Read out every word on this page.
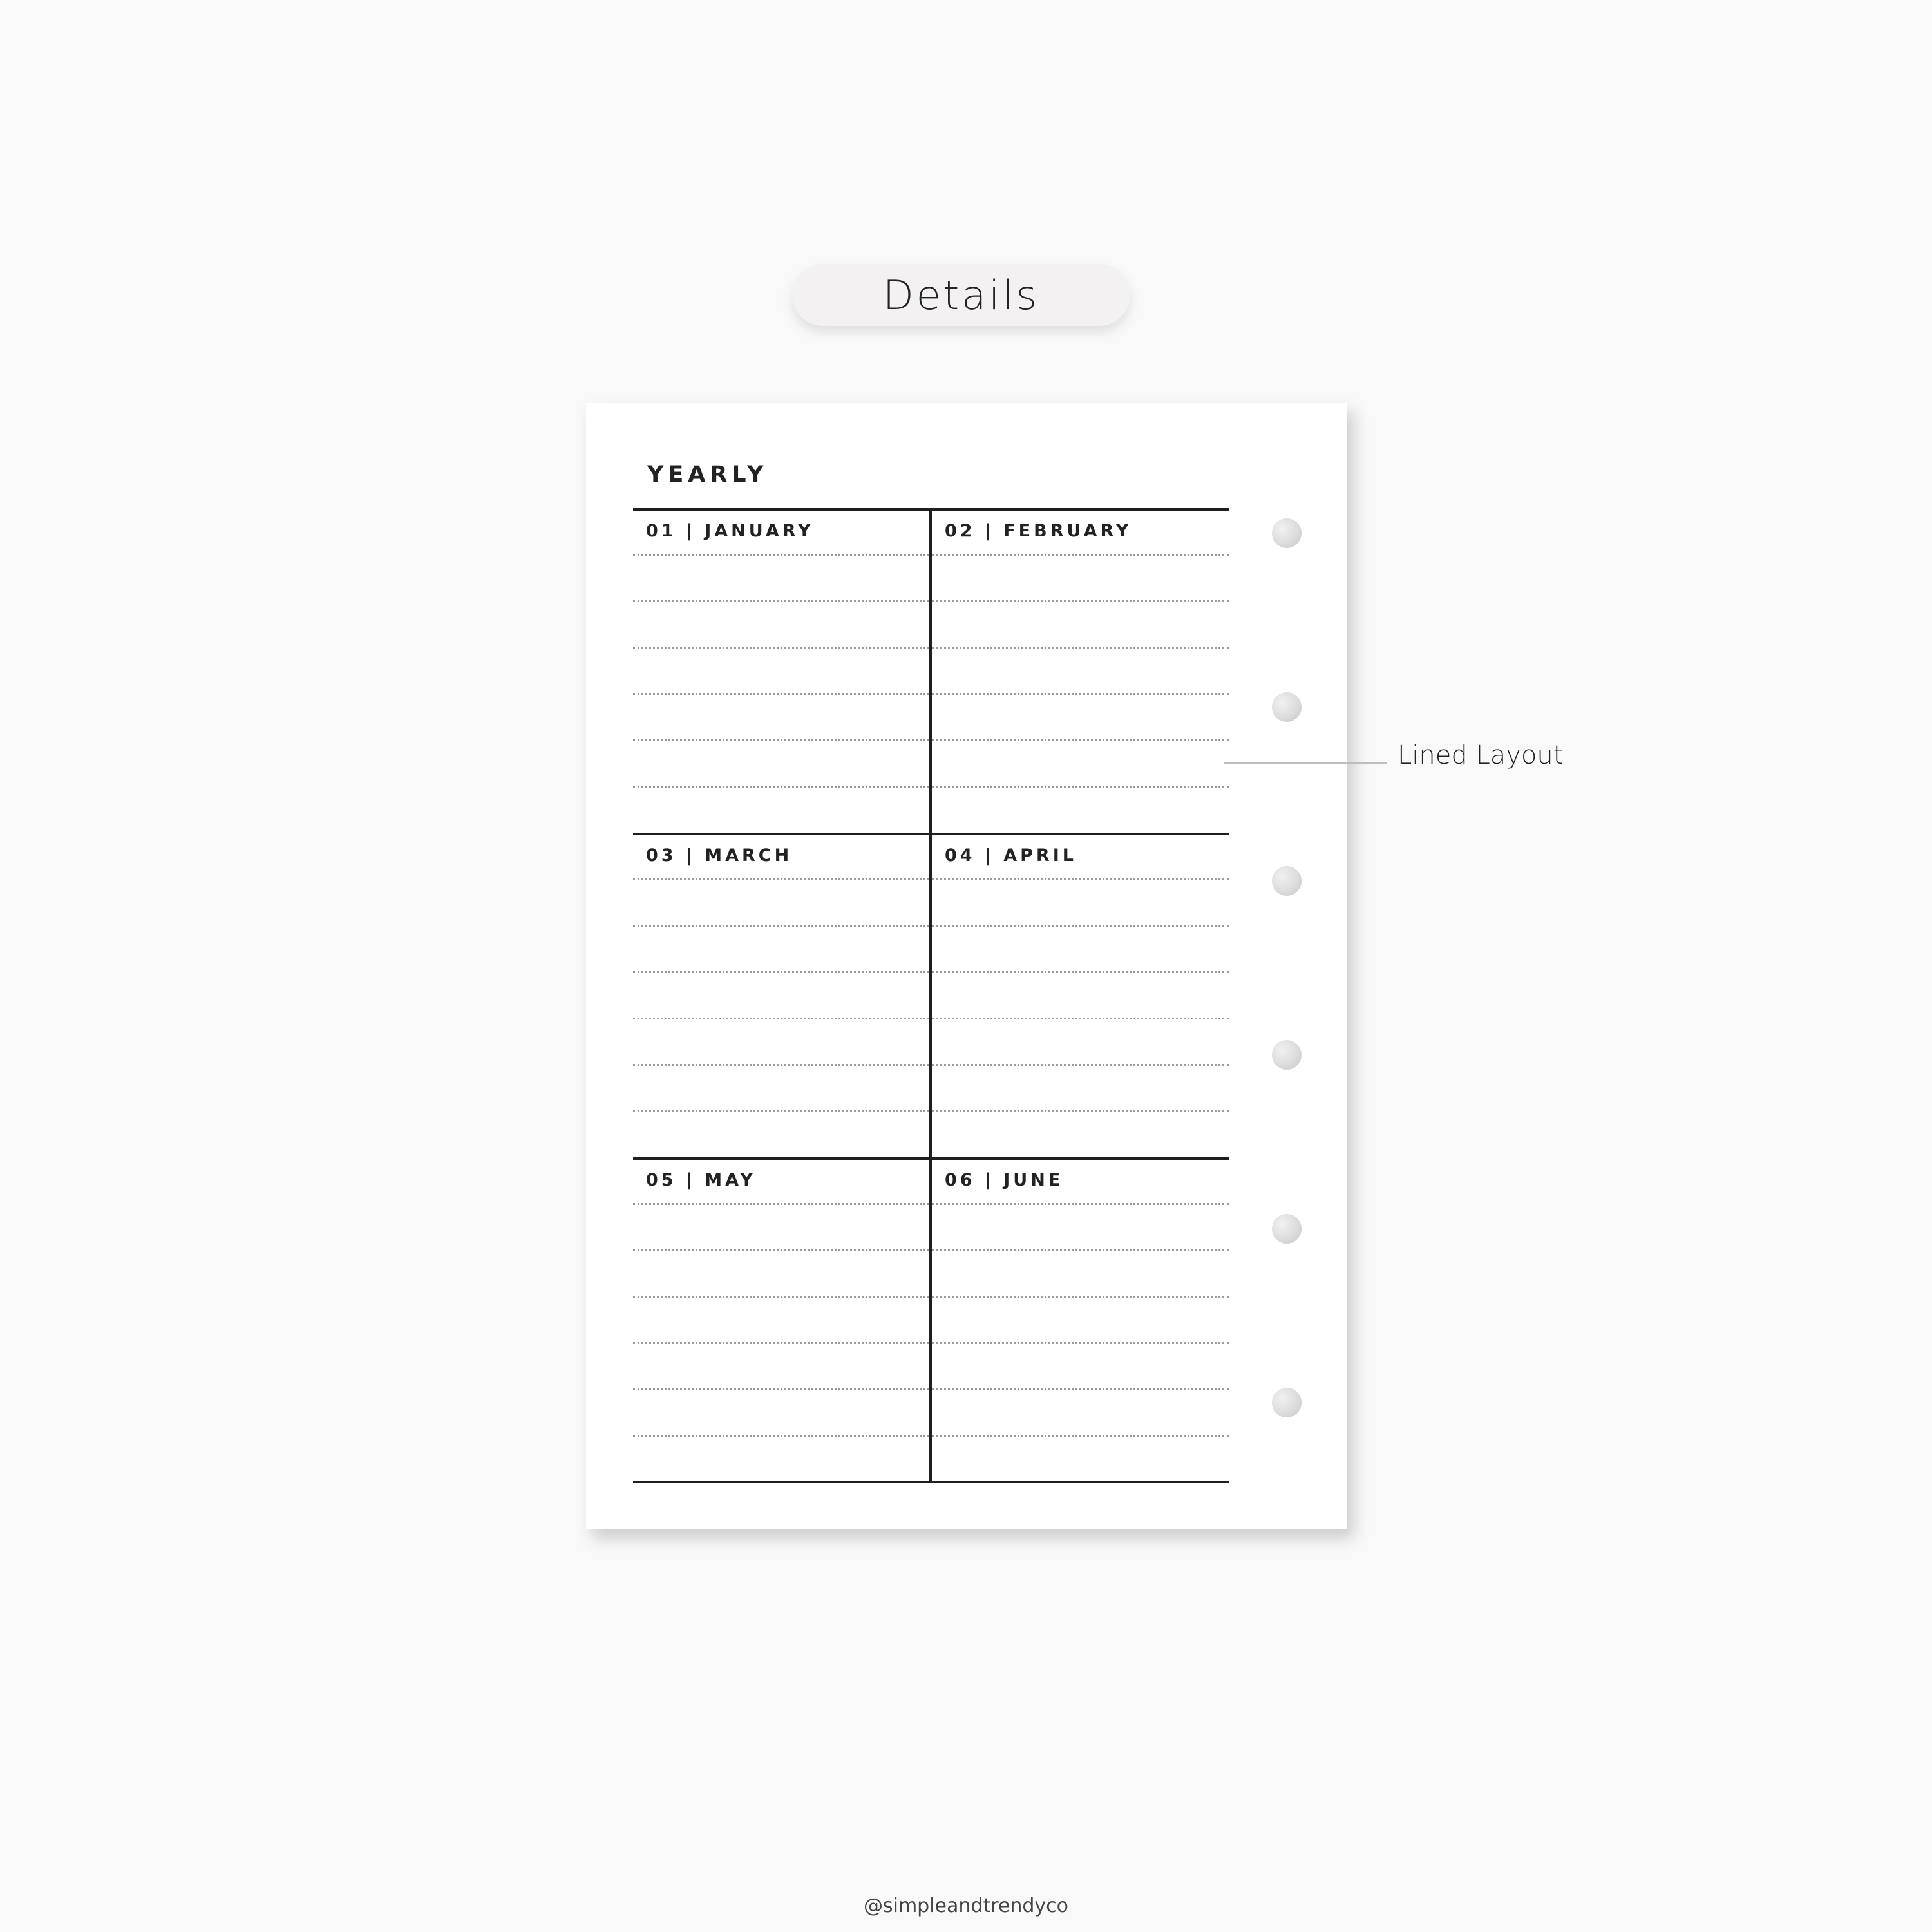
Details
YEARLY
01 | JANUARY	02 | FEBRUARY
03 | MARCH	04 | APRIL
05 | MAY	06 | JUNE
Lined Layout
@simpleandtrendyco
